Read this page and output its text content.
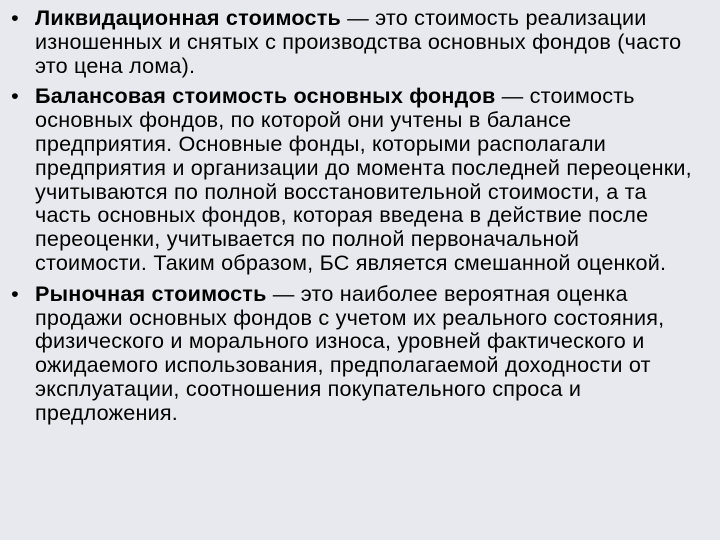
• Ликвидационная стоимость — это стоимость реализации изношенных и снятых с производства основных фондов (часто это цена лома).
• Балансовая стоимость основных фондов — стоимость основных фондов, по которой они учтены в балансе предприятия. Основные фонды, которыми располагали предприятия и организации до момента последней переоценки, учитываются по полной восстановительной стоимости, а та часть основных фондов, которая введена в действие после переоценки, учитывается по полной первоначальной стоимости. Таким образом, БС является смешанной оценкой.
• Рыночная стоимость — это наиболее вероятная оценка продажи основных фондов с учетом их реального состояния, физического и морального износа, уровней фактического и ожидаемого использования, предполагаемой доходности от эксплуатации, соотношения покупательного спроса и предложения.
